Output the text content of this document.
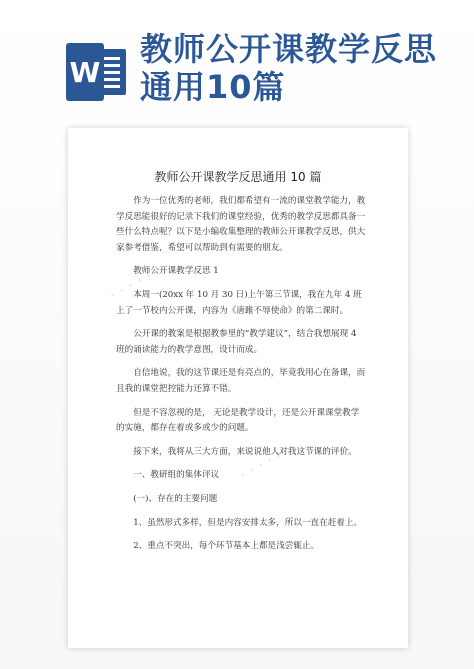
W
教师公开课教学反思通用10篇
教师公开课教学反思通用 10 篇
· · · · ·
· · · · ·

作为一位优秀的老师，我们都希望有一流的课堂教学能力，教学反思能很好的记录下我们的课堂经验，优秀的教学反思都具备一些什么特点呢？以下是小编收集整理的教师公开课教学反思，供大家参考借鉴，希望可以帮助到有需要的朋友。

教师公开课教学反思 1

本周一(20xx 年 10 月 30 日)上午第三节课，我在九年 4 班上了一节校内公开课，内容为《唐雎不辱使命》的第二课时。

公开课的教案是根据教参里的“教学建议”，结合我想展现 4 班的诵读能力的教学意图，设计而成。

自信地说，我的这节课还是有亮点的，毕竟我用心在备课，而且我的课堂把控能力还算不错。

但是不容忽视的是， 无论是教学设计，还是公开课课堂教学的实施，都存在着或多或少的问题。

接下来，我将从三大方面，来说说他人对我这节课的评价。

一、教研组的集体评议

(一)、存在的主要问题

1、虽然形式多样，但是内容安排太多，所以一直在赶着上。

2、重点不突出，每个环节基本上都是浅尝辄止。
